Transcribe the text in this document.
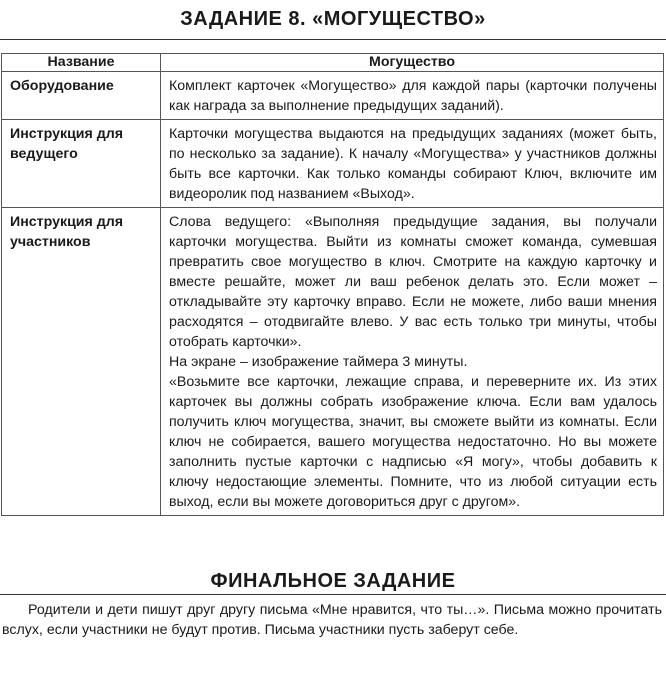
ЗАДАНИЕ 8. «МОГУЩЕСТВО»
Название	Могущество
Оборудование	Комплект карточек «Могущество» для каждой пары (карточки получены как награда за выполнение предыдущих заданий).

Инструкция для ведущего	Карточки могущества выдаются на предыдущих заданиях (может быть, по несколько за задание). К началу «Могущества» у участников должны быть все карточки. Как только команды собирают Ключ, включите им видеоролик под названием «Выход».

Инструкция для участников	Слова ведущего: «Выполняя предыдущие задания, вы получали карточки могущества. Выйти из комнаты сможет команда, сумевшая превратить свое могущество в ключ. Смотрите на каждую карточку и вместе решайте, может ли ваш ребенок делать это. Если может – откладывайте эту карточку вправо. Если не можете, либо ваши мнения расходятся – отодвигайте влево. У вас есть только три минуты, чтобы отобрать карточки».
На экране – изображение таймера 3 минуты.
«Возьмите все карточки, лежащие справа, и переверните их. Из этих карточек вы должны собрать изображение ключа. Если вам удалось получить ключ могущества, значит, вы сможете выйти из комнаты. Если ключ не собирается, вашего могущества недостаточно. Но вы можете заполнить пустые карточки с надписью «Я могу», чтобы добавить к ключу недостающие элементы. Помните, что из любой ситуации есть выход, если вы можете договориться друг с другом».
ФИНАЛЬНОЕ ЗАДАНИЕ
Родители и дети пишут друг другу письма «Мне нравится, что ты…». Письма можно прочитать вслух, если участники не будут против. Письма участники пусть заберут себе.
